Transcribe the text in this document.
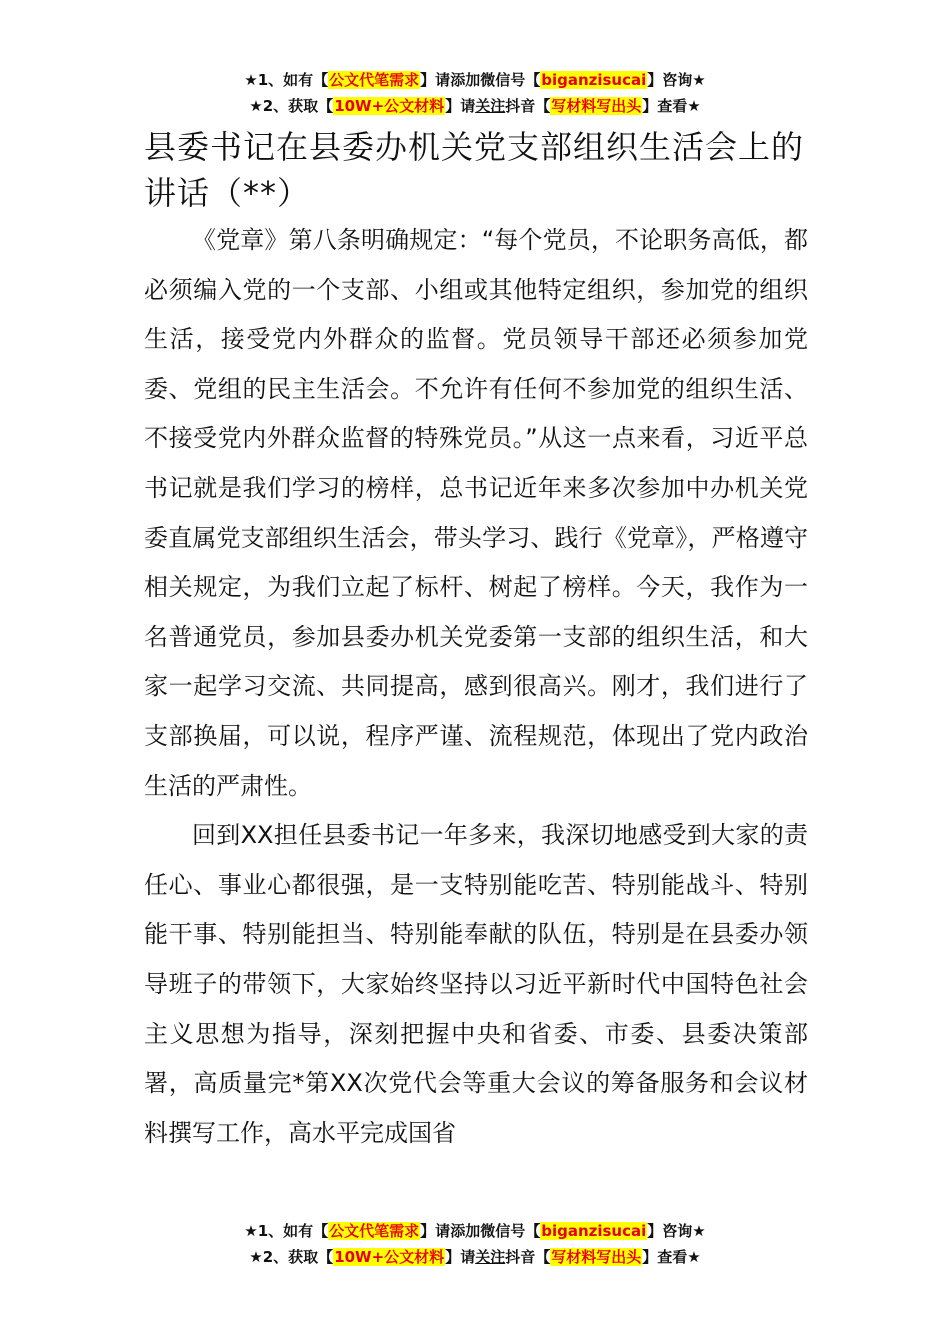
★1、如有【公文代笔需求】请添加微信号【biganzisucai】咨询★
★2、获取【10W+公文材料】请关注抖音【写材料写出头】查看★
县委书记在县委办机关党支部组织生活会上的讲话（**）

《党章》第八条明确规定：“每个党员，不论职务高低，都必须编入党的一个支部、小组或其他特定组织，参加党的组织生活，接受党内外群众的监督。党员领导干部还必须参加党委、党组的民主生活会。不允许有任何不参加党的组织生活、不接受党内外群众监督的特殊党员。”从这一点来看，习近平总书记就是我们学习的榜样，总书记近年来多次参加中办机关党委直属党支部组织生活会，带头学习、践行《党章》，严格遵守相关规定，为我们立起了标杆、树起了榜样。今天，我作为一名普通党员，参加县委办机关党委第一支部的组织生活，和大家一起学习交流、共同提高，感到很高兴。刚才，我们进行了支部换届，可以说，程序严谨、流程规范，体现出了党内政治生活的严肃性。

回到XX担任县委书记一年多来，我深切地感受到大家的责任心、事业心都很强，是一支特别能吃苦、特别能战斗、特别能干事、特别能担当、特别能奉献的队伍，特别是在县委办领导班子的带领下，大家始终坚持以习近平新时代中国特色社会主义思想为指导，深刻把握中央和省委、市委、县委决策部署，高质量完*第XX次党代会等重大会议的筹备服务和会议材料撰写工作，高水平完成国省

★1、如有【公文代笔需求】请添加微信号【biganzisucai】咨询★
★2、获取【10W+公文材料】请关注抖音【写材料写出头】查看★
